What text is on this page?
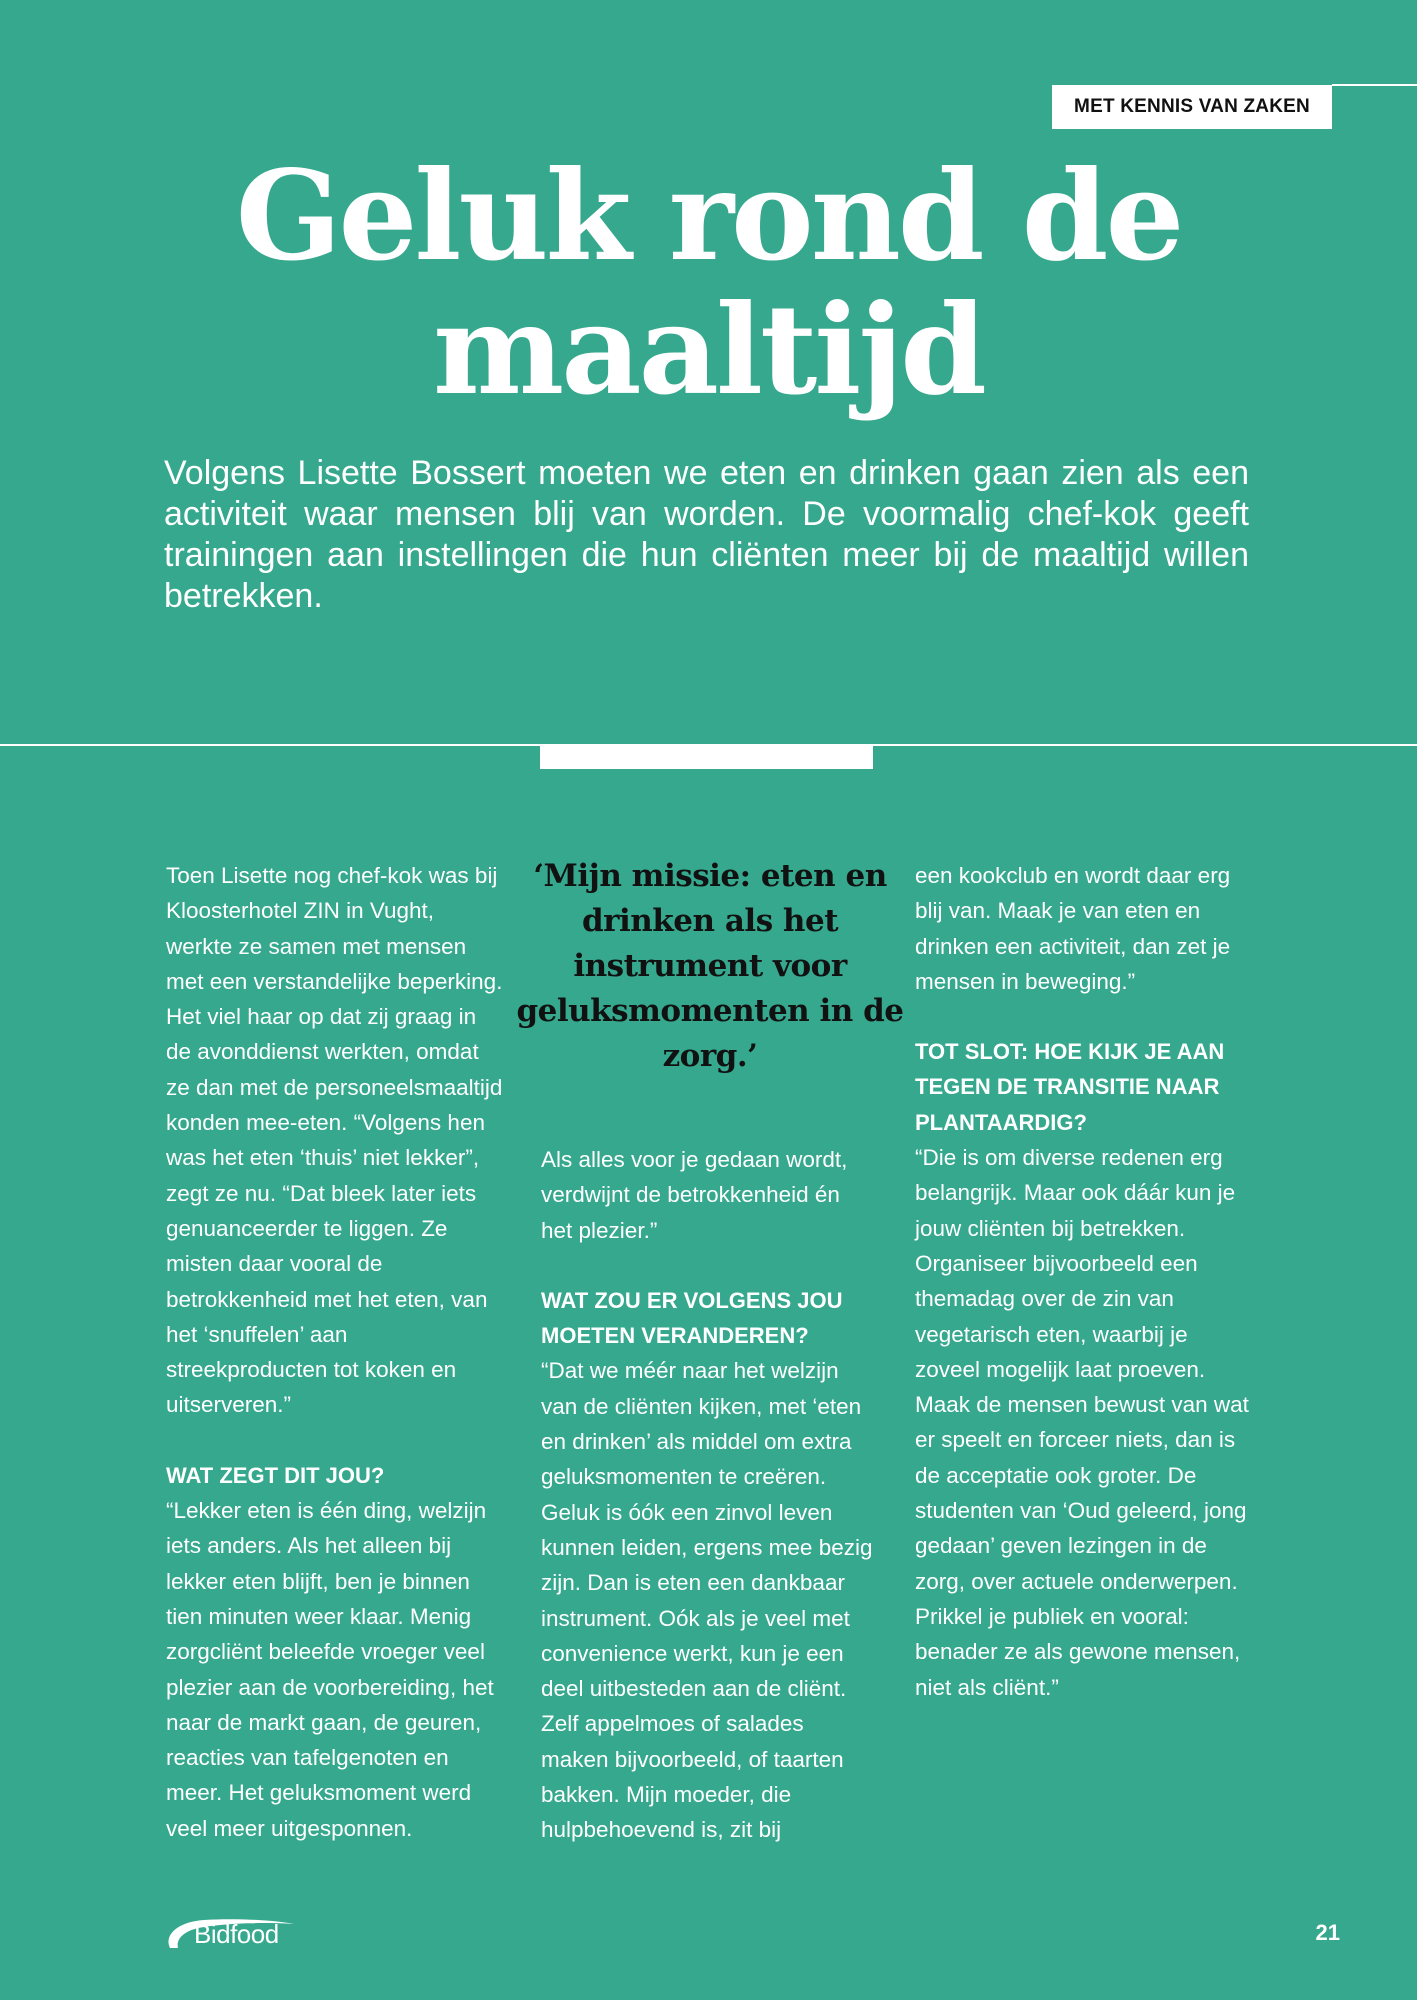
MET KENNIS VAN ZAKEN
Geluk rond de maaltijd

Volgens Lisette Bossert moeten we eten en drinken gaan zien als een activiteit waar mensen blij van worden. De voormalig chef-kok geeft trainingen aan instellingen die hun cliënten meer bij de maaltijd willen betrekken.

Toen Lisette nog chef-kok was bij Kloosterhotel ZIN in Vught, werkte ze samen met mensen met een verstandelijke beperking. Het viel haar op dat zij graag in de avonddienst werkten, omdat ze dan met de personeelsmaaltijd konden mee-eten. “Volgens hen was het eten ‘thuis’ niet lekker”, zegt ze nu. “Dat bleek later iets genuanceerder te liggen. Ze misten daar vooral de betrokkenheid met het eten, van het ‘snuffelen’ aan streekproducten tot koken en uitserveren.”

WAT ZEGT DIT JOU?

“Lekker eten is één ding, welzijn iets anders. Als het alleen bij lekker eten blijft, ben je binnen tien minuten weer klaar. Menig zorgcliënt beleefde vroeger veel plezier aan de voorbereiding, het naar de markt gaan, de geuren, reacties van tafelgenoten en meer. Het geluksmoment werd veel meer uitgesponnen.

‘Mijn missie: eten en drinken als het instrument voor geluksmomenten in de zorg.’

Als alles voor je gedaan wordt, verdwijnt de betrokkenheid én het plezier.”

WAT ZOU ER VOLGENS JOU MOETEN VERANDEREN?

“Dat we méér naar het welzijn van de cliënten kijken, met ‘eten en drinken’ als middel om extra geluksmomenten te creëren. Geluk is óók een zinvol leven kunnen leiden, ergens mee bezig zijn. Dan is eten een dankbaar instrument. Oók als je veel met convenience werkt, kun je een deel uitbesteden aan de cliënt. Zelf appelmoes of salades maken bijvoorbeeld, of taarten bakken. Mijn moeder, die hulpbehoevend is, zit bij

een kookclub en wordt daar erg blij van. Maak je van eten en drinken een activiteit, dan zet je mensen in beweging.”

TOT SLOT: HOE KIJK JE AAN TEGEN DE TRANSITIE NAAR PLANTAARDIG?

“Die is om diverse redenen erg belangrijk. Maar ook dáár kun je jouw cliënten bij betrekken. Organiseer bijvoorbeeld een themadag over de zin van vegetarisch eten, waarbij je zoveel mogelijk laat proeven. Maak de mensen bewust van wat er speelt en forceer niets, dan is de acceptatie ook groter. De studenten van ‘Oud geleerd, jong gedaan’ geven lezingen in de zorg, over actuele onderwerpen. Prikkel je publiek en vooral: benader ze als gewone mensen, niet als cliënt.”

Bidfood	21
